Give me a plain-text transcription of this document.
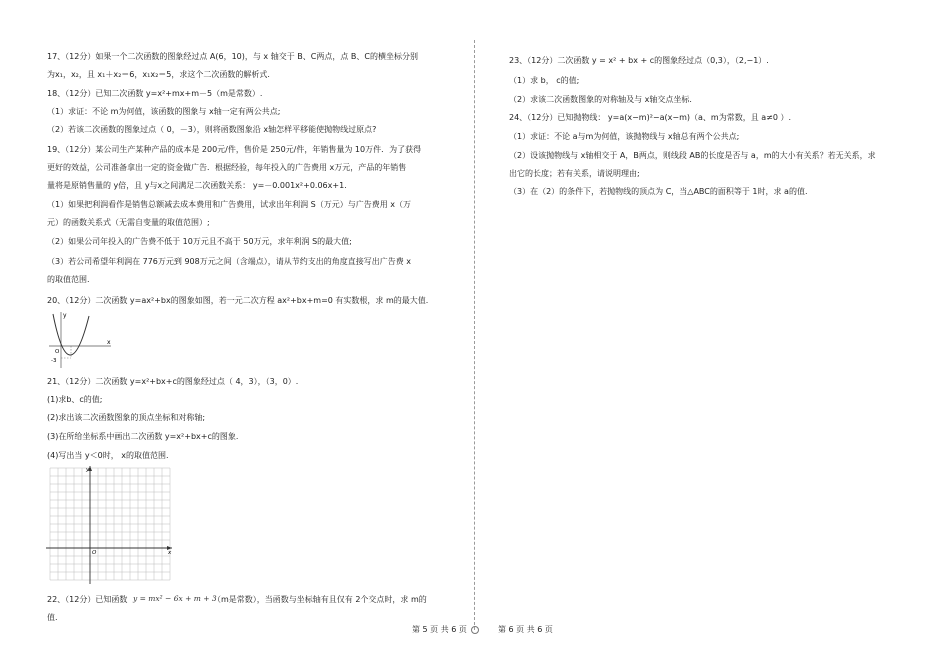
17、（12分）如果一个二次函数的图象经过点 A(6，10)，与 x 轴交于 B、C两点，点 B、C的横坐标分别
为x₁，x₂，且 x₁＋x₂＝6，x₁x₂＝5，求这个二次函数的解析式.
18、（12分）已知二次函数 y=x²+mx+m－5（m是常数）.
（1）求证：不论 m为何值，该函数的图象与 x轴一定有两公共点;
（2）若该二次函数的图象过点（ 0，－3），则将函数图象沿 x轴怎样平移能使抛物线过原点?
19、（12分）某公司生产某种产品的成本是 200元/件，售价是 250元/件，年销售量为 10万件．为了获得
更好的效益，公司准备拿出一定的资金做广告．根据经验，每年投入的广告费用 x万元，产品的年销售
量将是原销售量的 y倍，且 y与x之间满足二次函数关系： y=－0.001x²+0.06x+1.
（1）如果把利润看作是销售总额减去成本费用和广告费用，试求出年利润 S（万元）与广告费用 x（万
元）的函数关系式（无需自变量的取值范围）;
（2）如果公司年投入的广告费不低于 10万元且不高于 50万元，求年利润 S的最大值;
（3）若公司希望年利润在 776万元到 908万元之间（含端点），请从节约支出的角度直接写出广告费 x
的取值范围.
20、（12分）二次函数 y=ax²+bx的图象如图，若一元二次方程 ax²+bx+m=0 有实数根，求 m的最大值.
x
y
O
-3
21、（12分）二次函数 y=x²+bx+c的图象经过点（ 4，3），（3，0）.
(1)求b、c的值;
(2)求出该二次函数图象的顶点坐标和对称轴;
(3)在所给坐标系中画出二次函数 y=x²+bx+c的图象.
(4)写出当 y＜0时， x的取值范围.
x
y
O
22、（12分）已知函数 y = mx² − 6x + m + 3
（m是常数），当函数与坐标轴有且仅有 2个交点时，求 m的
值.
23、（12分）二次函数 y = x² + bx + c的图象经过点（0,3），（2,−1）.
（1）求 b， c的值;
（2）求该二次函数图象的对称轴及与 x轴交点坐标.
24、（12分）已知抛物线： y=a(x−m)²−a(x−m)（a、m为常数，且 a≠0 ）.
（1）求证：不论 a与m为何值，该抛物线与 x轴总有两个公共点;
（2）设该抛物线与 x轴相交于 A，B两点，则线段 AB的长度是否与 a，m的大小有关系？若无关系，求
出它的长度；若有关系，请说明理由;
（3）在（2）的条件下，若抛物线的顶点为 C，当△ABC的面积等于 1时，求 a的值.
第 5 页 共 6 页	第 6 页 共 6 页
